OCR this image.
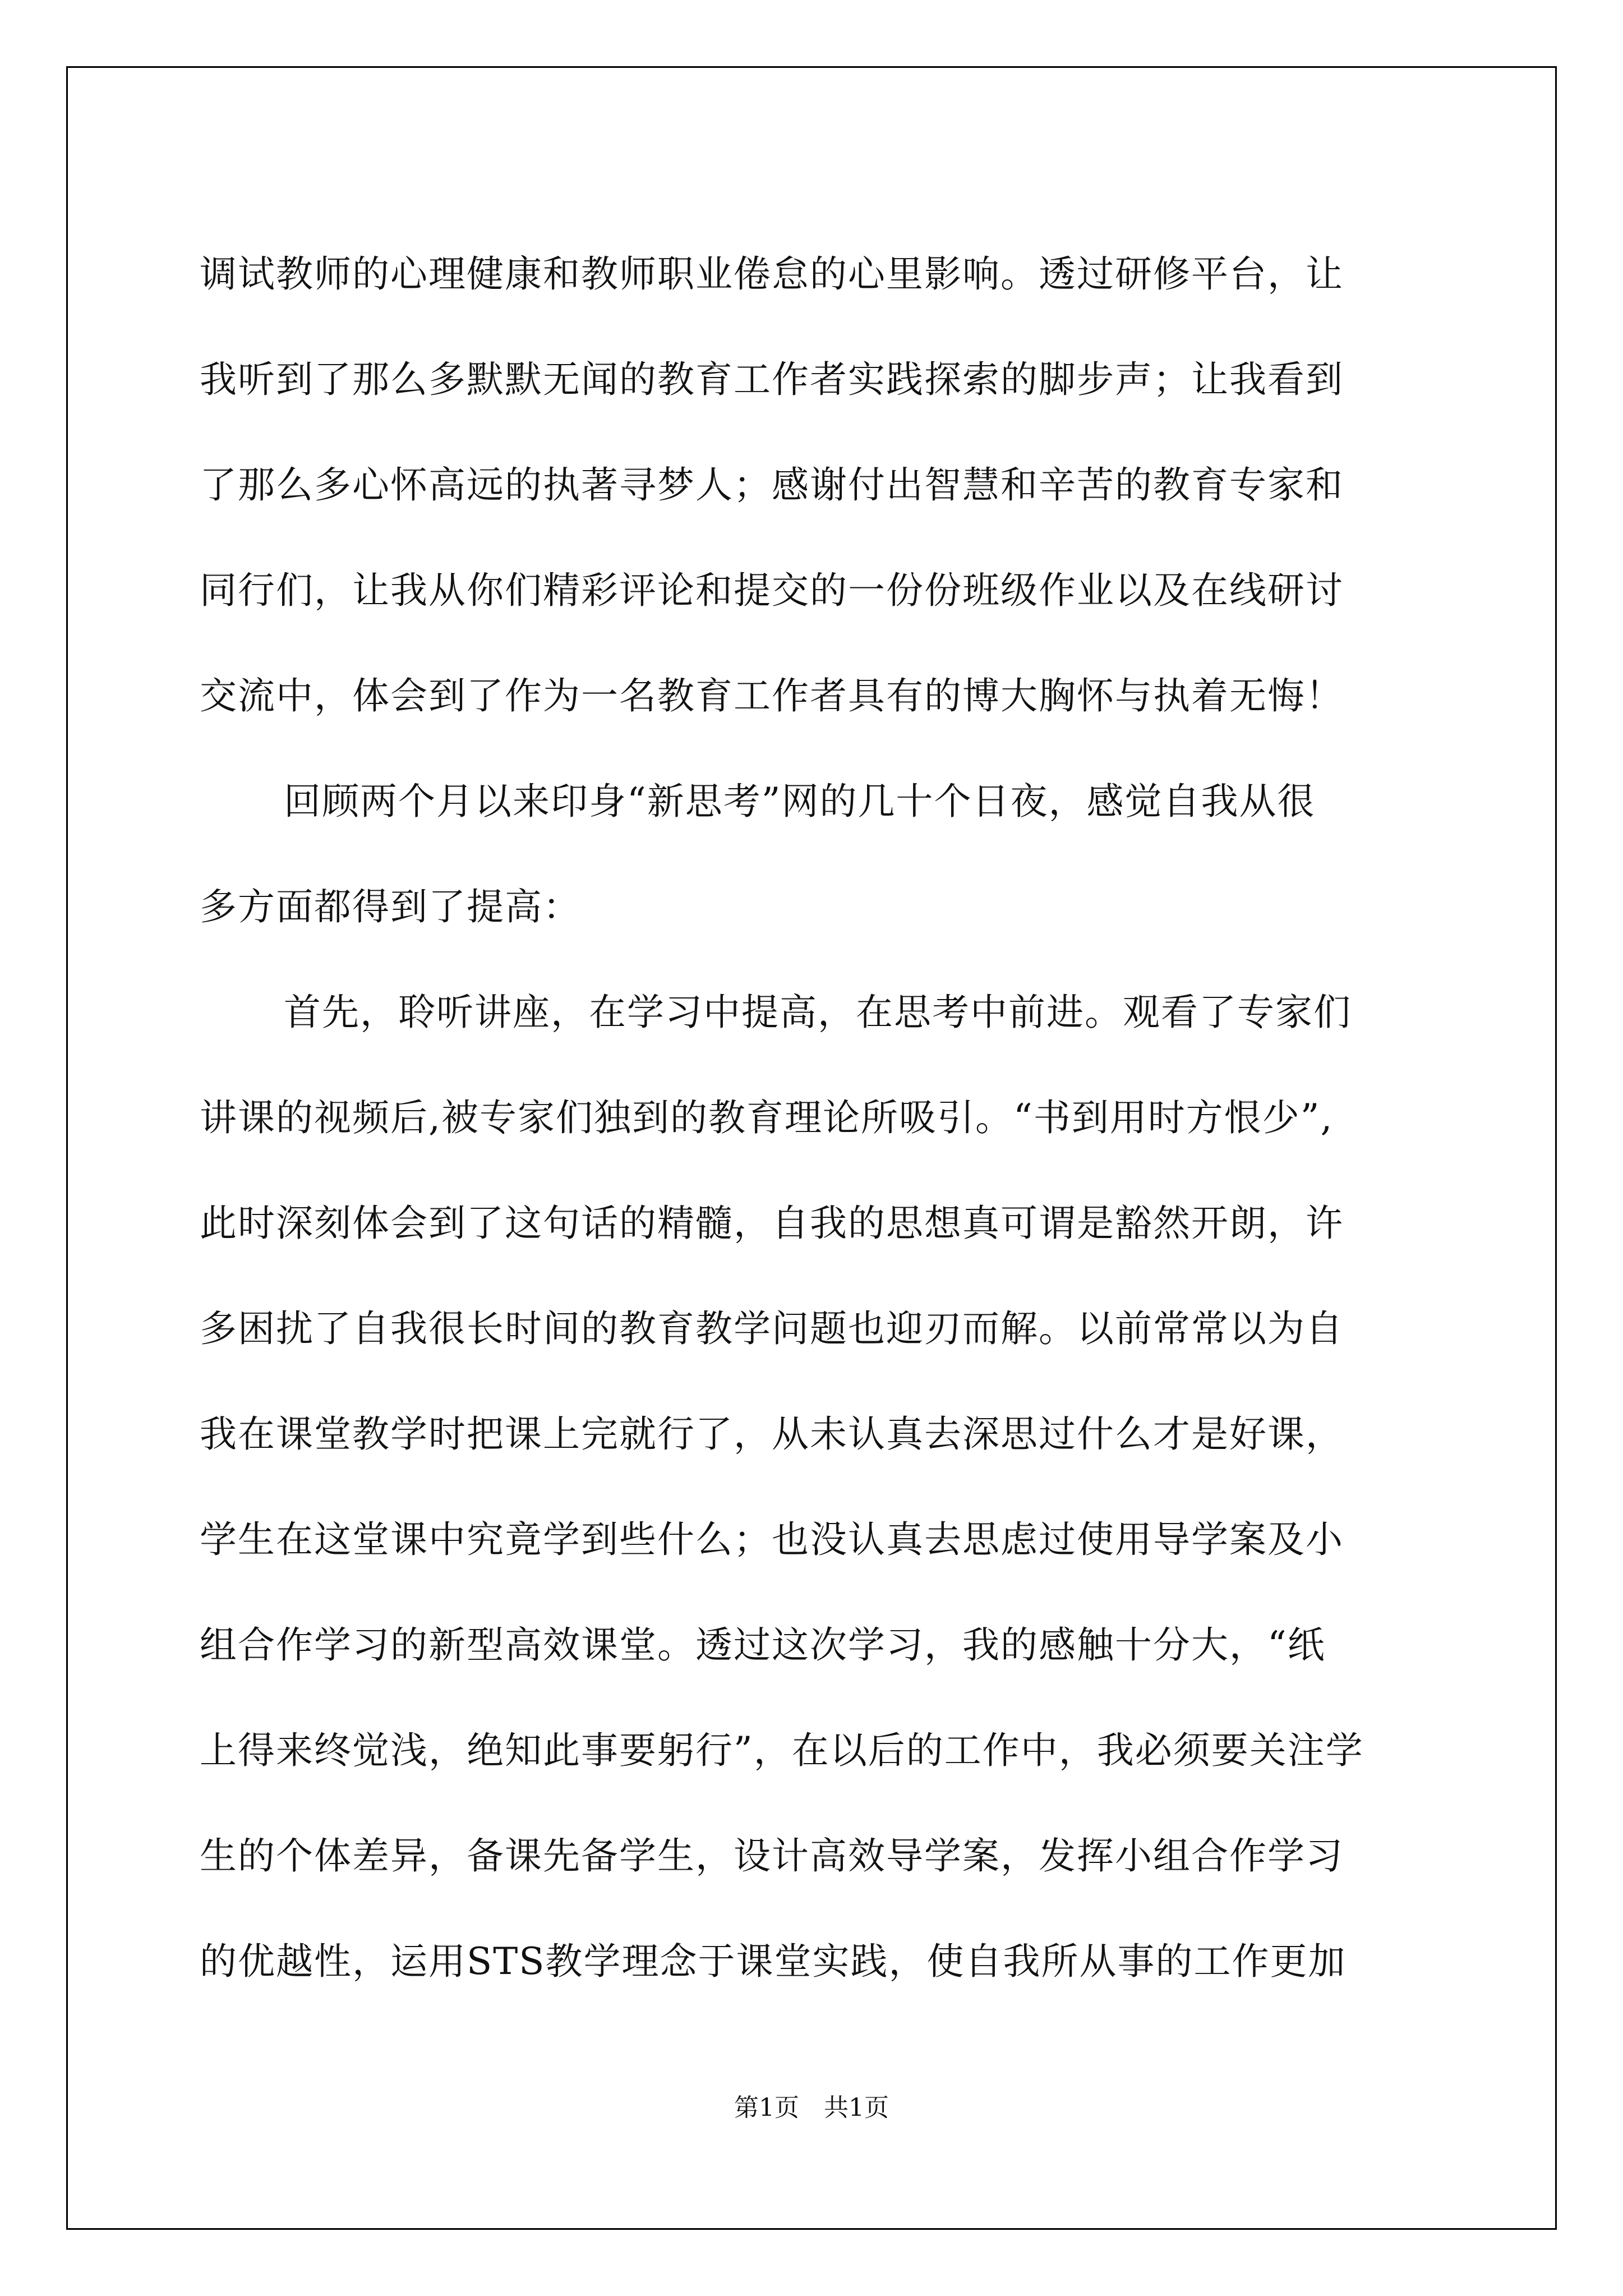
调试教师的心理健康和教师职业倦怠的心里影响。透过研修平台，让
我听到了那么多默默无闻的教育工作者实践探索的脚步声；让我看到
了那么多心怀高远的执著寻梦人；感谢付出智慧和辛苦的教育专家和
同行们，让我从你们精彩评论和提交的一份份班级作业以及在线研讨
交流中，体会到了作为一名教育工作者具有的博大胸怀与执着无悔！
回顾两个月以来印身“新思考”网的几十个日夜，感觉自我从很
多方面都得到了提高：
首先，聆听讲座，在学习中提高，在思考中前进。观看了专家们
讲课的视频后,被专家们独到的教育理论所吸引。“书到用时方恨少”,
此时深刻体会到了这句话的精髓，自我的思想真可谓是豁然开朗，许
多困扰了自我很长时间的教育教学问题也迎刃而解。以前常常以为自
我在课堂教学时把课上完就行了，从未认真去深思过什么才是好课，
学生在这堂课中究竟学到些什么；也没认真去思虑过使用导学案及小
组合作学习的新型高效课堂。透过这次学习，我的感触十分大，“纸
上得来终觉浅，绝知此事要躬行”，在以后的工作中，我必须要关注学
生的个体差异，备课先备学生，设计高效导学案，发挥小组合作学习
的优越性，运用STS教学理念于课堂实践，使自我所从事的工作更加
第1页　共1页
